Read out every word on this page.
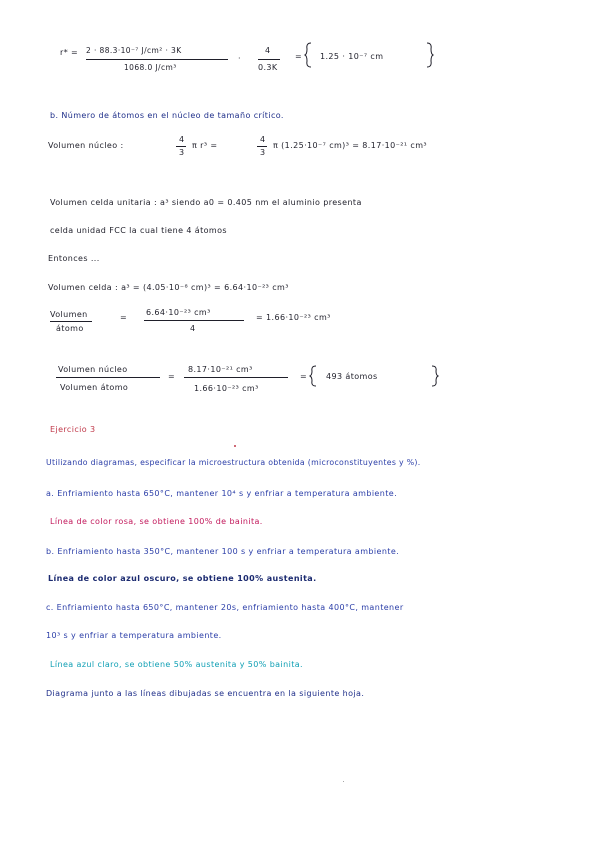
r* = 2 · 88.3·10⁻⁷ J/cm² · 3K
1068.0 J/cm³
·
4
0.3K
= 1.25 · 10⁻⁷ cm
b. Número de átomos en el núcleo de tamaño crítico.
Volumen núcleo :
4
3
π r³ =
4
3
π (1.25·10⁻⁷ cm)³ = 8.17·10⁻²¹ cm³
Volumen celda unitaria : a³ siendo a0 = 0.405 nm el aluminio presenta
celda unidad FCC la cual tiene 4 átomos
Entonces ...
Volumen celda : a³ = (4.05·10⁻⁸ cm)³ = 6.64·10⁻²³ cm³
Volumen
átomo
=
6.64·10⁻²³ cm³
4
= 1.66·10⁻²³ cm³
Volumen núcleo
Volumen átomo
=
8.17·10⁻²¹ cm³
1.66·10⁻²³ cm³
= 493 átomos
Ejercicio 3
Utilizando diagramas, especificar la microestructura obtenida (microconstituyentes y %).
a. Enfriamiento hasta 650°C, mantener 10⁴ s y enfriar a temperatura ambiente.
Línea de color rosa, se obtiene 100% de bainita.
b. Enfriamiento hasta 350°C, mantener 100 s y enfriar a temperatura ambiente.
Línea de color azul oscuro, se obtiene 100% austenita.
c. Enfriamiento hasta 650°C, mantener 20s, enfriamiento hasta 400°C, mantener
10³ s y enfriar a temperatura ambiente.
Línea azul claro, se obtiene 50% austenita y 50% bainita.
Diagrama junto a las líneas dibujadas se encuentra en la siguiente hoja.
